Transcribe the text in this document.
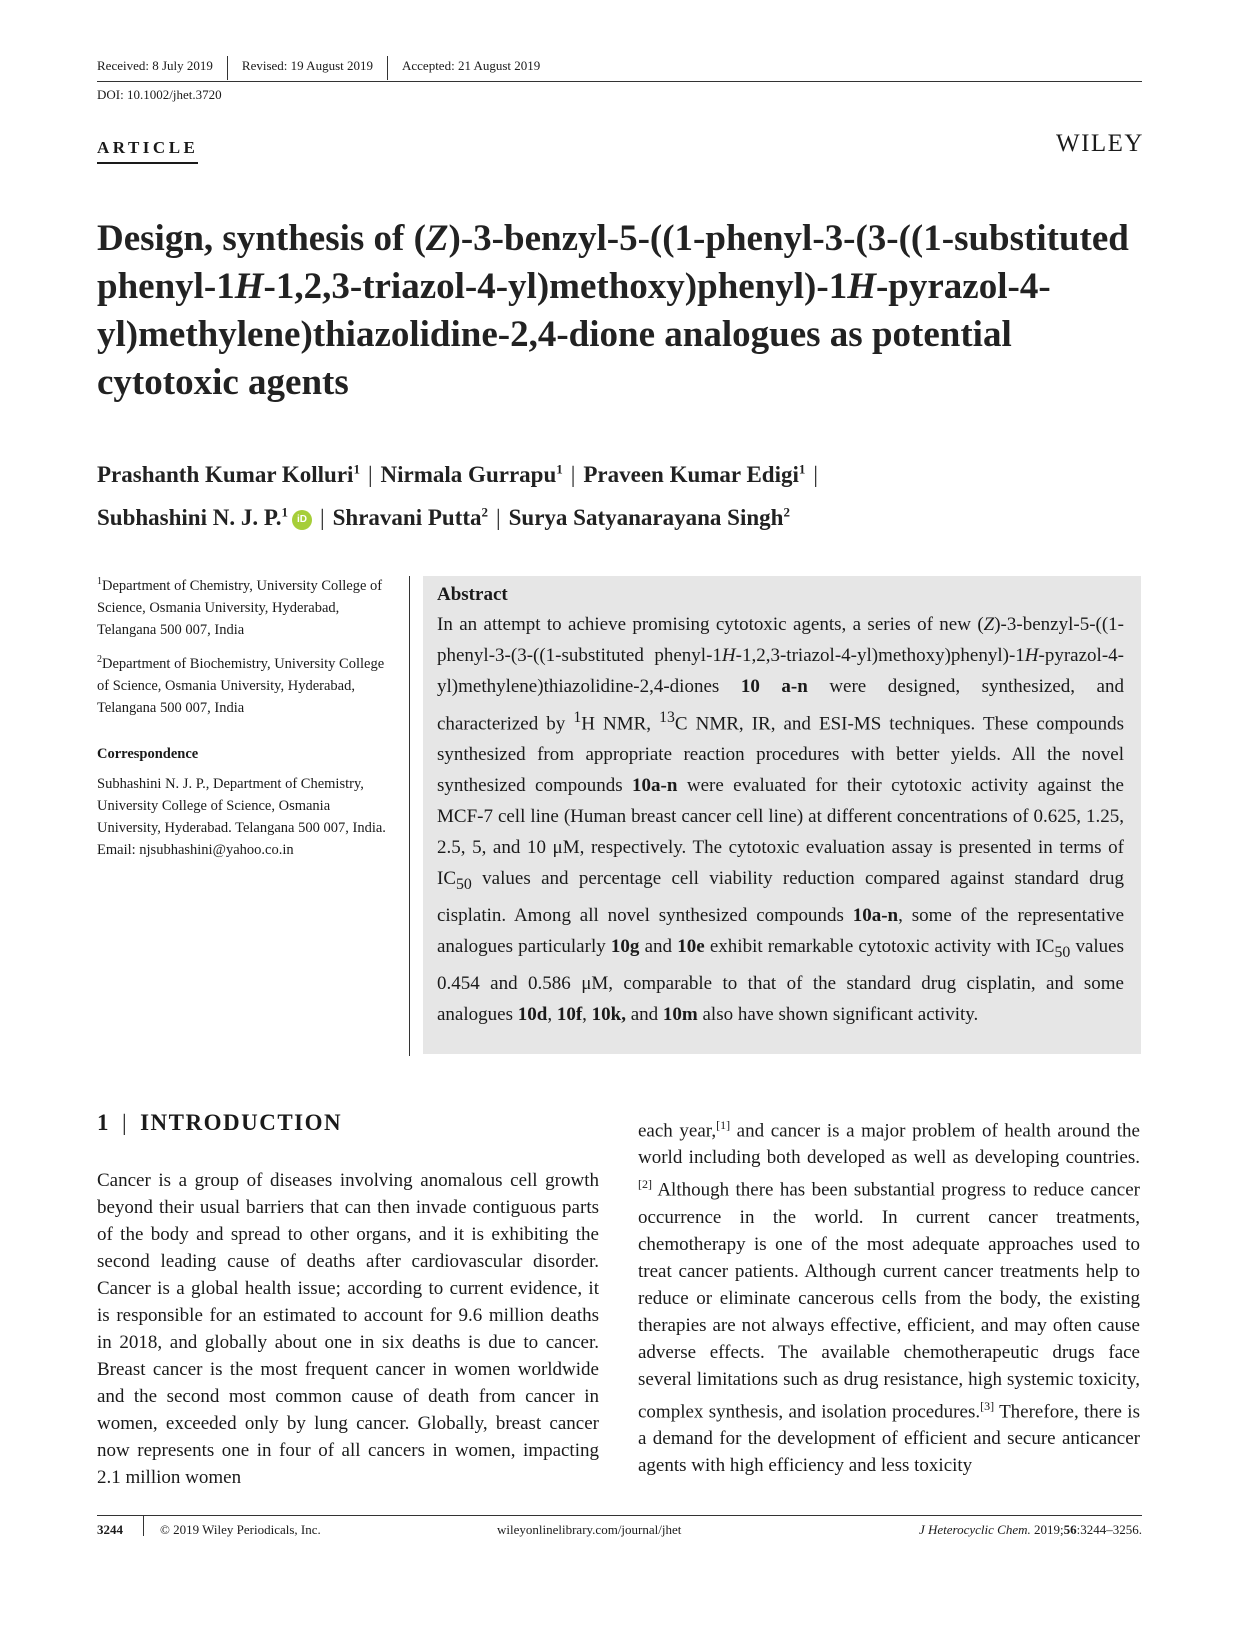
Received: 8 July 2019	Revised: 19 August 2019	Accepted: 21 August 2019
DOI: 10.1002/jhet.3720
ARTICLE	WILEY
Design, synthesis of (Z)-3-benzyl-5-((1-phenyl-3-(3-((1-substituted phenyl-1H-1,2,3-triazol-4-yl)methoxy)phenyl)-1H-pyrazol-4-yl)methylene)thiazolidine-2,4-dione analogues as potential cytotoxic agents
Prashanth Kumar Kolluri$^1$ | Nirmala Gurrapu$^1$ | Praveen Kumar Edigi$^1$ |
Subhashini N. J. P.$^1$iD | Shravani Putta$^2$ | Surya Satyanarayana Singh$^2$

$^1$Department of Chemistry, University College of Science, Osmania University, Hyderabad, Telangana 500 007, India

$^2$Department of Biochemistry, University College of Science, Osmania University, Hyderabad, Telangana 500 007, India

Correspondence

Subhashini N. J. P., Department of Chemistry, University College of Science, Osmania University, Hyderabad. Telangana 500 007, India.
Email: njsubhashini@yahoo.co.in
Abstract

In an attempt to achieve promising cytotoxic agents, a series of new (Z)-3-benzyl-5-((1-phenyl-3-(3-((1-substituted phenyl-1H-1,2,3-triazol-4-yl)methoxy)phenyl)-1H-pyrazol-4-yl)methylene)thiazolidine-2,4-diones 10 a-n were designed, synthesized, and characterized by $^1$H NMR, $^{13}$C NMR, IR, and ESI-MS techniques. These compounds synthesized from appropriate reaction procedures with better yields. All the novel synthesized compounds 10a-n were evaluated for their cytotoxic activity against the MCF-7 cell line (Human breast cancer cell line) at different concentrations of 0.625, 1.25, 2.5, 5, and 10 μM, respectively. The cytotoxic evaluation assay is presented in terms of $IC_{50}$ values and percentage cell viability reduction compared against standard drug cisplatin. Among all novel synthesized compounds 10a-n, some of the representative analogues particularly 10g and 10e exhibit remarkable cytotoxic activity with $IC_{50}$ values 0.454 and 0.586 μM, comparable to that of the standard drug cisplatin, and some analogues 10d, 10f, 10k, and 10m also have shown significant activity.

1 | INTRODUCTION

Cancer is a group of diseases involving anomalous cell growth beyond their usual barriers that can then invade contiguous parts of the body and spread to other organs, and it is exhibiting the second leading cause of deaths after cardiovascular disorder. Cancer is a global health issue; according to current evidence, it is responsible for an estimated to account for 9.6 million deaths in 2018, and globally about one in six deaths is due to cancer. Breast cancer is the most frequent cancer in women worldwide and the second most common cause of death from cancer in women, exceeded only by lung cancer. Globally, breast cancer now represents one in four of all cancers in women, impacting 2.1 million women

each year,[1] and cancer is a major problem of health around the world including both developed as well as developing countries.[2] Although there has been substantial progress to reduce cancer occurrence in the world. In current cancer treatments, chemotherapy is one of the most adequate approaches used to treat cancer patients. Although current cancer treatments help to reduce or eliminate cancerous cells from the body, the existing therapies are not always effective, efficient, and may often cause adverse effects. The available chemotherapeutic drugs face several limitations such as drug resistance, high systemic toxicity, complex synthesis, and isolation procedures.[3] Therefore, there is a demand for the development of efficient and secure anticancer agents with high efficiency and less toxicity

3244	© 2019 Wiley Periodicals, Inc.	wileyonlinelibrary.com/journal/jhet	J Heterocyclic Chem. 2019;56:3244–3256.
